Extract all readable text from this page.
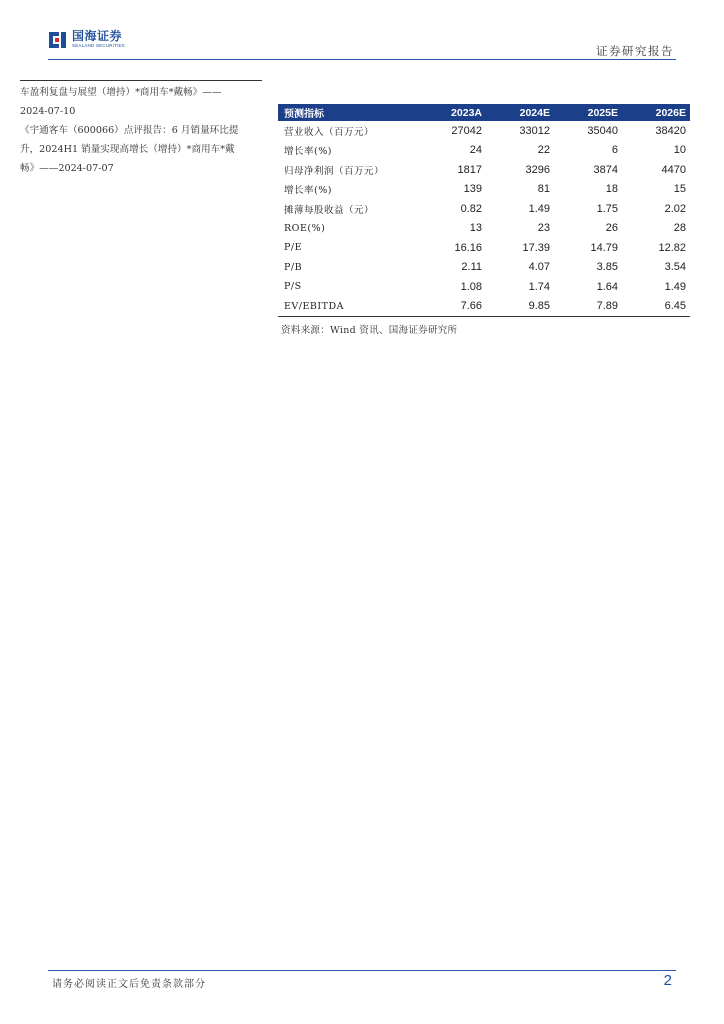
国海证券
SEALAND SECURITIES	证券研究报告
车盈利复盘与展望（增持）*商用车*戴畅》——
2024-07-10
《宇通客车（600066）点评报告：6 月销量环比提
升，2024H1 销量实现高增长（增持）*商用车*戴
畅》——2024-07-07
预测指标	2023A	2024E	2025E	2026E
营业收入（百万元）	27042	33012	35040	38420
增长率(%)	24	22	6	10
归母净利润（百万元）	1817	3296	3874	4470
增长率(%)	139	81	18	15
摊薄每股收益（元）	0.82	1.49	1.75	2.02
ROE(%)	13	23	26	28
P/E	16.16	17.39	14.79	12.82
P/B	2.11	4.07	3.85	3.54
P/S	1.08	1.74	1.64	1.49
EV/EBITDA	7.66	9.85	7.89	6.45
资料来源：Wind 资讯、国海证券研究所
请务必阅读正文后免责条款部分	2
